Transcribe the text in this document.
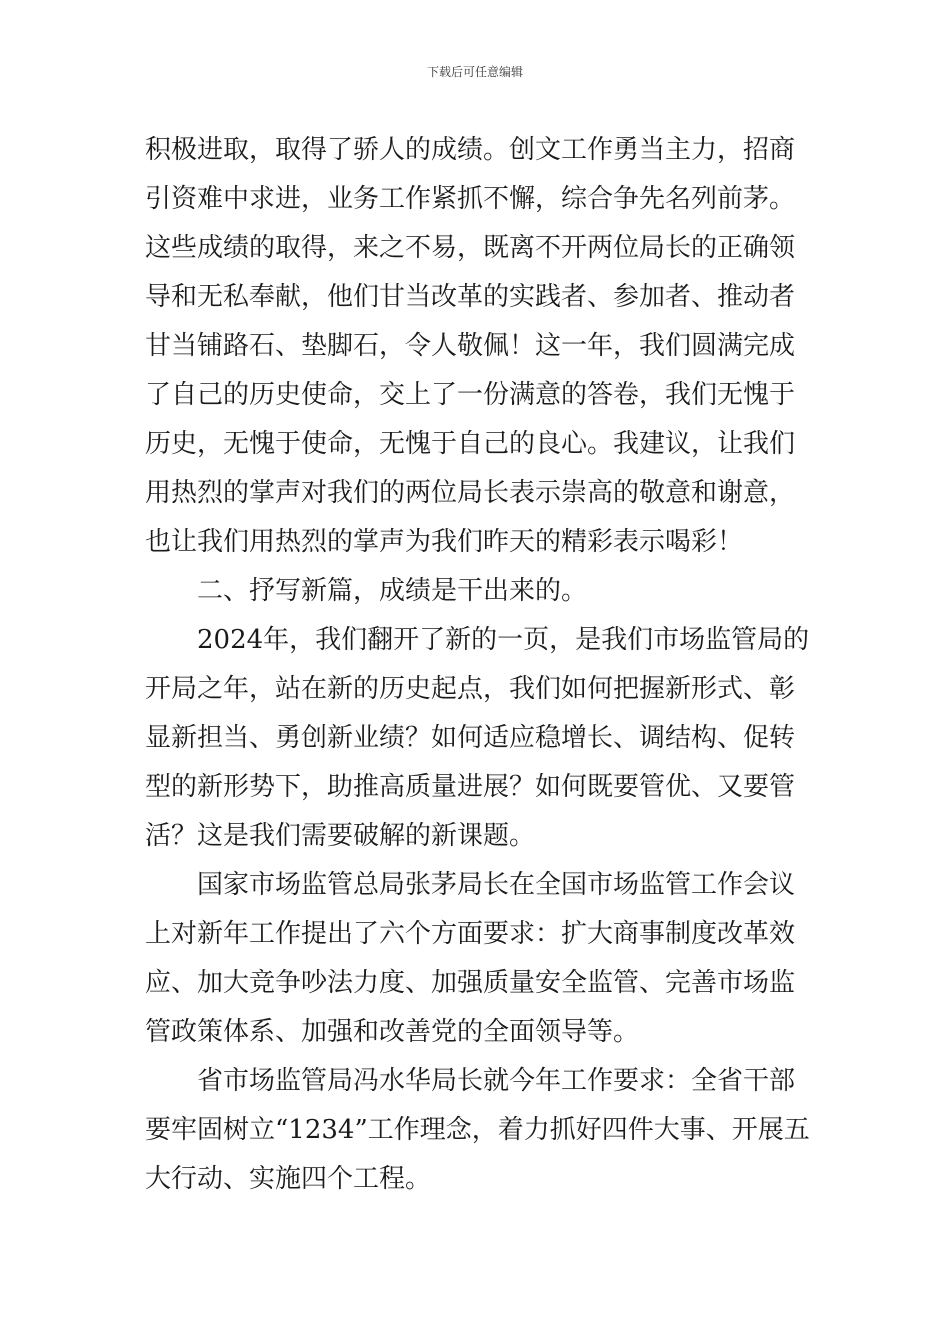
下载后可任意编辑

积极进取，取得了骄人的成绩。创文工作勇当主力，招商引资难中求进，业务工作紧抓不懈，综合争先名列前茅。这些成绩的取得，来之不易，既离不开两位局长的正确领导和无私奉献，他们甘当改革的实践者、参加者、推动者甘当铺路石、垫脚石，令人敬佩！这一年，我们圆满完成了自己的历史使命，交上了一份满意的答卷，我们无愧于历史，无愧于使命，无愧于自己的良心。我建议，让我们用热烈的掌声对我们的两位局长表示崇高的敬意和谢意，也让我们用热烈的掌声为我们昨天的精彩表示喝彩！

二、抒写新篇，成绩是干出来的。

2024年，我们翻开了新的一页，是我们市场监管局的开局之年，站在新的历史起点，我们如何把握新形式、彰显新担当、勇创新业绩？如何适应稳增长、调结构、促转型的新形势下，助推高质量进展？如何既要管优、又要管活？这是我们需要破解的新课题。

国家市场监管总局张茅局长在全国市场监管工作会议上对新年工作提出了六个方面要求：扩大商事制度改革效应、加大竞争吵法力度、加强质量安全监管、完善市场监管政策体系、加强和改善党的全面领导等。

省市场监管局冯水华局长就今年工作要求：全省干部要牢固树立“1234”工作理念，着力抓好四件大事、开展五大行动、实施四个工程。
